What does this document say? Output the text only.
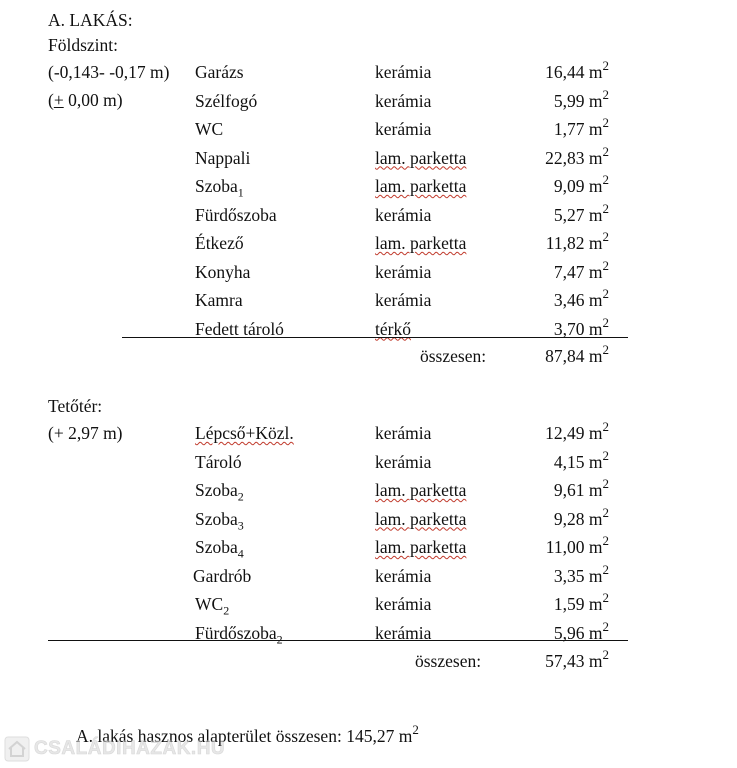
A. LAKÁS:
Földszint:
(-0,143- -0,17 m)
(+ 0,00 m)
Garázs	kerámia	16,44 $m^2$
Szélfogó	kerámia	5,99 $m^2$
WC	kerámia	1,77 $m^2$
Nappali	lam. parketta	22,83 $m^2$
Szoba$_1$	lam. parketta	9,09 $m^2$
Fürdőszoba	kerámia	5,27 $m^2$
Étkező	lam. parketta	11,82 $m^2$
Konyha	kerámia	7,47 $m^2$
Kamra	kerámia	3,46 $m^2$
Fedett tároló	térkő	3,70 $m^2$
összesen:	87,84 $m^2$
Tetőtér:
(+ 2,97 m)	Lépcső+Közl.	kerámia	12,49 $m^2$
Tároló	kerámia	4,15 $m^2$
Szoba$_2$	lam. parketta	9,61 $m^2$
Szoba$_3$	lam. parketta	9,28 $m^2$
Szoba$_4$	lam. parketta	11,00 $m^2$
Gardrób	kerámia	3,35 $m^2$
$WC_2$	kerámia	1,59 $m^2$
Fürdőszoba$_2$	kerámia	5,96 $m^2$
összesen:	57,43 $m^2$
A. lakás hasznos alapterület összesen: 145,27 $m^2$
CSALÁDIHAZAK.HU
